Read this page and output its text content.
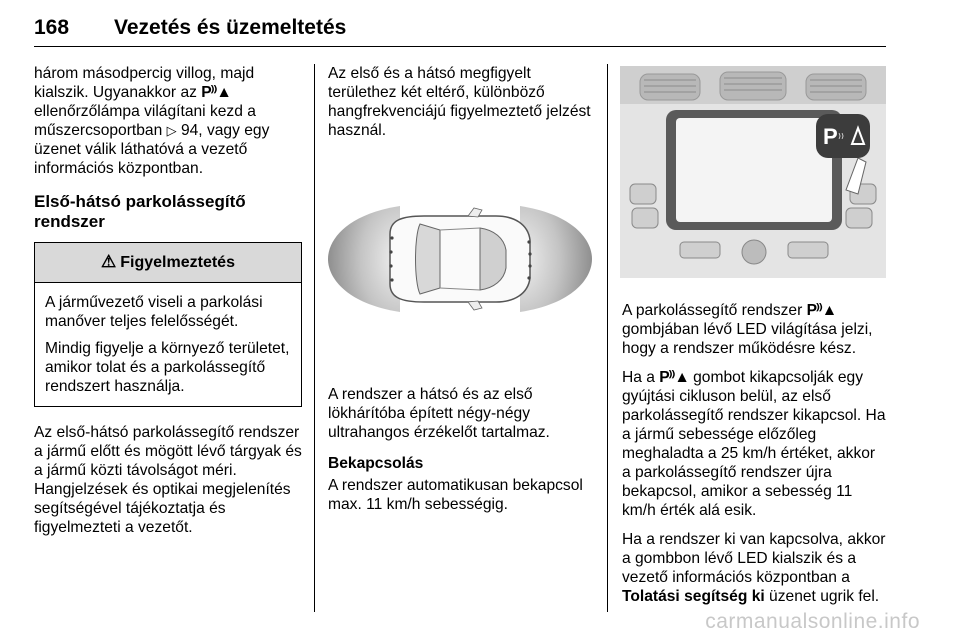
168 Vezetés és üzemeltetés

három másodpercig villog, majd kialszik. Ugyanakkor az P⁾⁾▲ ellenőrzőlámpa világítani kezd a műszercsoportban ▷ 94, vagy egy üzenet válik láthatóvá a vezető információs központban.

Első-hátsó parkolássegítő rendszer
⚠ Figyelmeztetés

A járművezető viseli a parkolási manőver teljes felelősségét.

Mindig figyelje a környező területet, amikor tolat és a parkolássegítő rendszert használja.

Az első-hátsó parkolássegítő rendszer a jármű előtt és mögött lévő tárgyak és a jármű közti távolságot méri. Hangjelzések és optikai megjelenítés segítségével tájékoztatja és figyelmezteti a vezetőt.

Az első és a hátsó megfigyelt területhez két eltérő, különböző hangfrekvenciájú figyelmeztető jelzést használ.

A rendszer a hátsó és az első lökhárítóba épített négy-négy ultrahangos érzékelőt tartalmaz.

Bekapcsolás

A rendszer automatikusan bekapcsol max. 11 km/h sebességig.

P ⁾⁾

A parkolássegítő rendszer P⁾⁾▲ gombjában lévő LED világítása jelzi, hogy a rendszer működésre kész.

Ha a P⁾⁾▲ gombot kikapcsolják egy gyújtási cikluson belül, az első parkolássegítő rendszer kikapcsol. Ha a jármű sebessége előzőleg meghaladta a 25 km/h értéket, akkor a parkolássegítő rendszer újra bekapcsol, amikor a sebesség 11 km/h érték alá esik.

Ha a rendszer ki van kapcsolva, akkor a gombbon lévő LED kialszik és a vezető információs központban a Tolatási segítség ki üzenet ugrik fel.

carmanualsonline.info
